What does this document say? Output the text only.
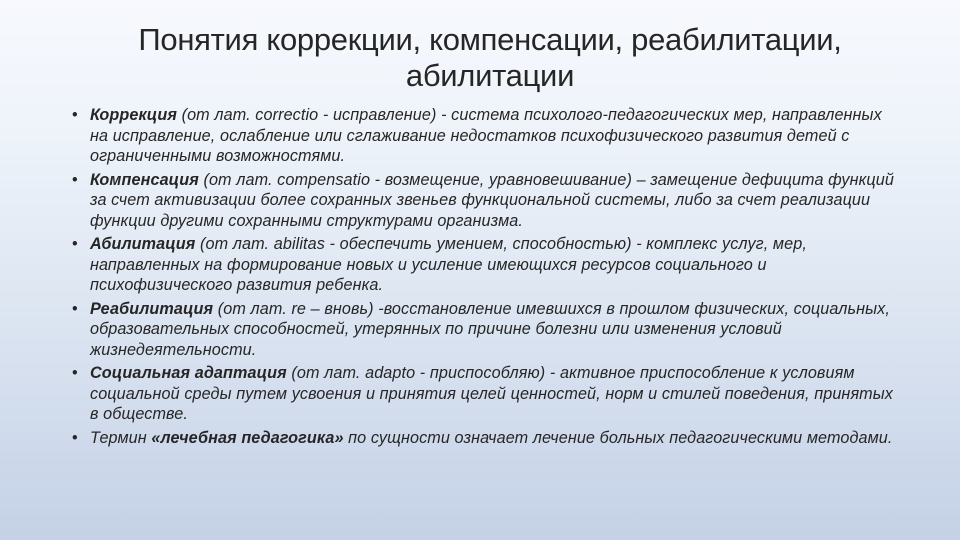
Понятия коррекции, компенсации, реабилитации,
абилитации
• Коррекция (от лат. correctio - исправление) - система психолого-педагогических мер, направленных на исправление, ослабление или сглаживание недостатков психофизического развития детей с ограниченными возможностями.
• Компенсация (от лат. compensatio - возмещение, уравновешивание) – замещение дефицита функций за счет активизации более сохранных звеньев функциональной системы, либо за счет реализации функции другими сохранными структурами организма.
• Абилитация (от лат. abilitas - обеспечить умением, способностью) - комплекс услуг, мер, направленных на формирование новых и усиление имеющихся ресурсов социального и психофизического развития ребенка.
• Реабилитация (от лат. re – вновь) -восстановление имевшихся в прошлом физических, социальных, образовательных способностей, утерянных по причине болезни или изменения условий жизнедеятельности.
• Социальная адаптация (от лат. adapto - приспособляю) - активное приспособление к условиям социальной среды путем усвоения и принятия целей ценностей, норм и стилей поведения, принятых в обществе.
• Термин «лечебная педагогика» по сущности означает лечение больных педагогическими методами.
